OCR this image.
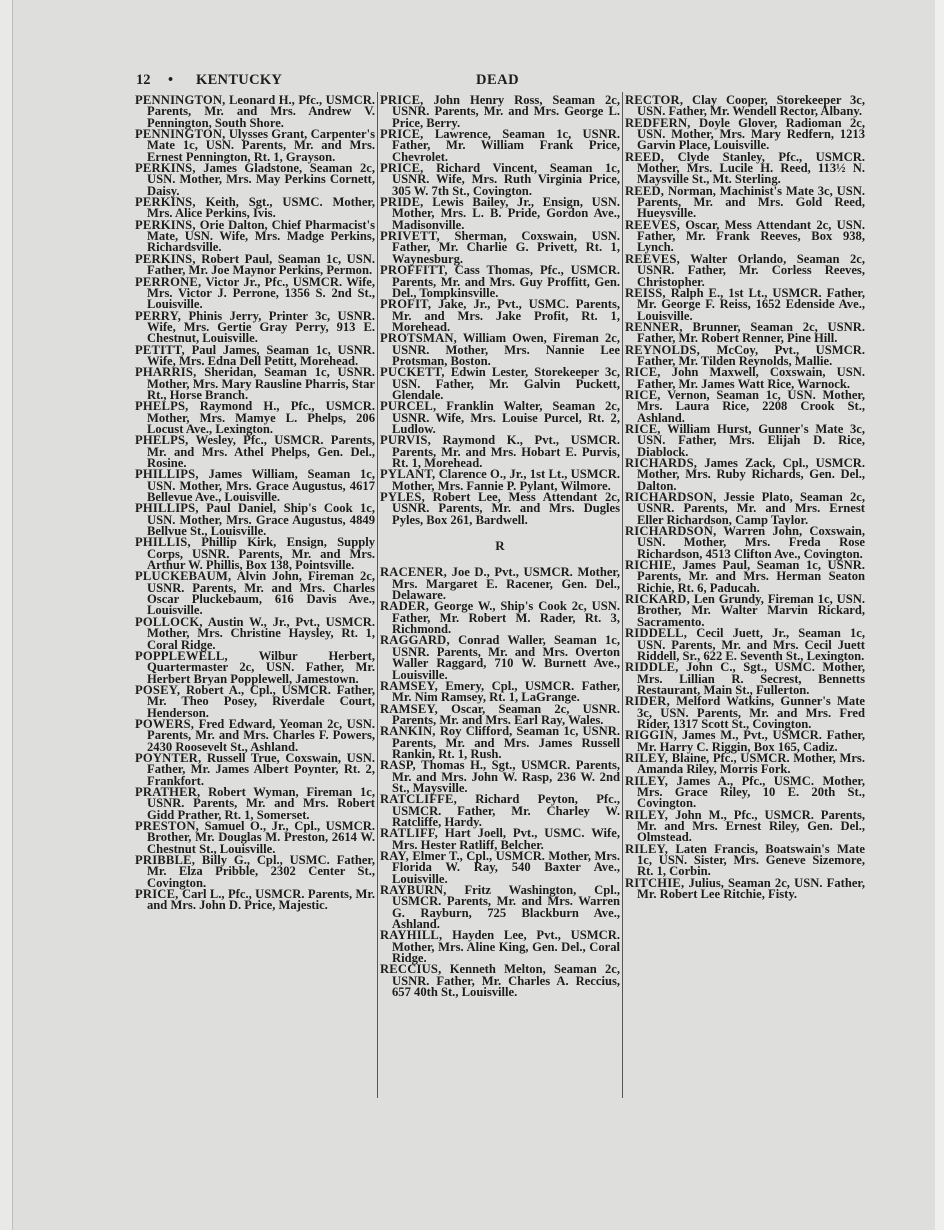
12 • KENTUCKY	DEAD

PENNINGTON, Leonard H., Pfc., USMCR. Parents, Mr. and Mrs. Andrew V. Pennington, South Shore.

PENNINGTON, Ulysses Grant, Carpenter's Mate 1c, USN. Parents, Mr. and Mrs. Ernest Pennington, Rt. 1, Grayson.

PERKINS, James Gladstone, Seaman 2c, USN. Mother, Mrs. May Perkins Cornett, Daisy.

PERKINS, Keith, Sgt., USMC. Mother, Mrs. Alice Perkins, Ivis.

PERKINS, Orie Dalton, Chief Pharmacist's Mate, USN. Wife, Mrs. Madge Perkins, Richardsville.

PERKINS, Robert Paul, Seaman 1c, USN. Father, Mr. Joe Maynor Perkins, Permon.

PERRONE, Victor Jr., Pfc., USMCR. Wife, Mrs. Victor J. Perrone, 1356 S. 2nd St., Louisville.

PERRY, Phinis Jerry, Printer 3c, USNR. Wife, Mrs. Gertie Gray Perry, 913 E. Chestnut, Louisville.

PETITT, Paul James, Seaman 1c, USNR. Wife, Mrs. Edna Dell Petitt, Morehead.

PHARRIS, Sheridan, Seaman 1c, USNR. Mother, Mrs. Mary Rausline Pharris, Star Rt., Horse Branch.

PHELPS, Raymond H., Pfc., USMCR. Mother, Mrs. Mamye L. Phelps, 206 Locust Ave., Lexington.

PHELPS, Wesley, Pfc., USMCR. Parents, Mr. and Mrs. Athel Phelps, Gen. Del., Rosine.

PHILLIPS, James William, Seaman 1c, USN. Mother, Mrs. Grace Augustus, 4617 Bellevue Ave., Louisville.

PHILLIPS, Paul Daniel, Ship's Cook 1c, USN. Mother, Mrs. Grace Augustus, 4849 Bellvue St., Louisville.

PHILLIS, Phillip Kirk, Ensign, Supply Corps, USNR. Parents, Mr. and Mrs. Arthur W. Phillis, Box 138, Pointsville.

PLUCKEBAUM, Alvin John, Fireman 2c, USNR. Parents, Mr. and Mrs. Charles Oscar Pluckebaum, 616 Davis Ave., Louisville.

POLLOCK, Austin W., Jr., Pvt., USMCR. Mother, Mrs. Christine Haysley, Rt. 1, Coral Ridge.

POPPLEWELL, Wilbur Herbert, Quartermaster 2c, USN. Father, Mr. Herbert Bryan Popplewell, Jamestown.

POSEY, Robert A., Cpl., USMCR. Father, Mr. Theo Posey, Riverdale Court, Henderson.

POWERS, Fred Edward, Yeoman 2c, USN. Parents, Mr. and Mrs. Charles F. Powers, 2430 Roosevelt St., Ashland.

POYNTER, Russell True, Coxswain, USN. Father, Mr. James Albert Poynter, Rt. 2, Frankfort.

PRATHER, Robert Wyman, Fireman 1c, USNR. Parents, Mr. and Mrs. Robert Gidd Prather, Rt. 1, Somerset.

PRESTON, Samuel O., Jr., Cpl., USMCR. Brother, Mr. Douglas M. Preston, 2614 W. Chestnut St., Louisville.

PRIBBLE, Billy G., Cpl., USMC. Father, Mr. Elza Pribble, 2302 Center St., Covington.

PRICE, Carl L., Pfc., USMCR. Parents, Mr. and Mrs. John D. Price, Majestic.

PRICE, John Henry Ross, Seaman 2c, USNR. Parents, Mr. and Mrs. George L. Price, Berry.

PRICE, Lawrence, Seaman 1c, USNR. Father, Mr. William Frank Price, Chevrolet.

PRICE, Richard Vincent, Seaman 1c, USNR. Wife, Mrs. Ruth Virginia Price, 305 W. 7th St., Covington.

PRIDE, Lewis Bailey, Jr., Ensign, USN. Mother, Mrs. L. B. Pride, Gordon Ave., Madisonville.

PRIVETT, Sherman, Coxswain, USN. Father, Mr. Charlie G. Privett, Rt. 1, Waynesburg.

PROFFITT, Cass Thomas, Pfc., USMCR. Parents, Mr. and Mrs. Guy Proffitt, Gen. Del., Tompkinsville.

PROFIT, Jake, Jr., Pvt., USMC. Parents, Mr. and Mrs. Jake Profit, Rt. 1, Morehead.

PROTSMAN, William Owen, Fireman 2c, USNR. Mother, Mrs. Nannie Lee Protsman, Boston.

PUCKETT, Edwin Lester, Storekeeper 3c, USN. Father, Mr. Galvin Puckett, Glendale.

PURCEL, Franklin Walter, Seaman 2c, USNR. Wife, Mrs. Louise Purcel, Rt. 2, Ludlow.

PURVIS, Raymond K., Pvt., USMCR. Parents, Mr. and Mrs. Hobart E. Purvis, Rt. 1, Morehead.

PYLANT, Clarence O., Jr., 1st Lt., USMCR. Mother, Mrs. Fannie P. Pylant, Wilmore.

PYLES, Robert Lee, Mess Attendant 2c, USNR. Parents, Mr. and Mrs. Dugles Pyles, Box 261, Bardwell.

R

RACENER, Joe D., Pvt., USMCR. Mother, Mrs. Margaret E. Racener, Gen. Del., Delaware.

RADER, George W., Ship's Cook 2c, USN. Father, Mr. Robert M. Rader, Rt. 3, Richmond.

RAGGARD, Conrad Waller, Seaman 1c, USNR. Parents, Mr. and Mrs. Overton Waller Raggard, 710 W. Burnett Ave., Louisville.

RAMSEY, Emery, Cpl., USMCR. Father, Mr. Nim Ramsey, Rt. 1, LaGrange.

RAMSEY, Oscar, Seaman 2c, USNR. Parents, Mr. and Mrs. Earl Ray, Wales.

RANKIN, Roy Clifford, Seaman 1c, USNR. Parents, Mr. and Mrs. James Russell Rankin, Rt. 1, Rush.

RASP, Thomas H., Sgt., USMCR. Parents, Mr. and Mrs. John W. Rasp, 236 W. 2nd St., Maysville.

RATCLIFFE, Richard Peyton, Pfc., USMCR. Father, Mr. Charley W. Ratcliffe, Hardy.

RATLIFF, Hart Joell, Pvt., USMC. Wife, Mrs. Hester Ratliff, Belcher.

RAY, Elmer T., Cpl., USMCR. Mother, Mrs. Florida W. Ray, 540 Baxter Ave., Louisville.

RAYBURN, Fritz Washington, Cpl., USMCR. Parents, Mr. and Mrs. Warren G. Rayburn, 725 Blackburn Ave., Ashland.

RAYHILL, Hayden Lee, Pvt., USMCR. Mother, Mrs. Aline King, Gen. Del., Coral Ridge.

RECCIUS, Kenneth Melton, Seaman 2c, USNR. Father, Mr. Charles A. Reccius, 657 40th St., Louisville.

RECTOR, Clay Cooper, Storekeeper 3c, USN. Father, Mr. Wendell Rector, Albany.

REDFERN, Doyle Glover, Radioman 2c, USN. Mother, Mrs. Mary Redfern, 1213 Garvin Place, Louisville.

REED, Clyde Stanley, Pfc., USMCR. Mother, Mrs. Lucile H. Reed, 113½ N. Maysville St., Mt. Sterling.

REED, Norman, Machinist's Mate 3c, USN. Parents, Mr. and Mrs. Gold Reed, Hueysville.

REEVES, Oscar, Mess Attendant 2c, USN. Father, Mr. Frank Reeves, Box 938, Lynch.

REEVES, Walter Orlando, Seaman 2c, USNR. Father, Mr. Corless Reeves, Christopher.

REISS, Ralph E., 1st Lt., USMCR. Father, Mr. George F. Reiss, 1652 Edenside Ave., Louisville.

RENNER, Brunner, Seaman 2c, USNR. Father, Mr. Robert Renner, Pine Hill.

REYNOLDS, McCoy, Pvt., USMCR. Father, Mr. Tilden Reynolds, Mallie.

RICE, John Maxwell, Coxswain, USN. Father, Mr. James Watt Rice, Warnock.

RICE, Vernon, Seaman 1c, USN. Mother, Mrs. Laura Rice, 2208 Crook St., Ashland.

RICE, William Hurst, Gunner's Mate 3c, USN. Father, Mrs. Elijah D. Rice, Diablock.

RICHARDS, James Zack, Cpl., USMCR. Mother, Mrs. Ruby Richards, Gen. Del., Dalton.

RICHARDSON, Jessie Plato, Seaman 2c, USNR. Parents, Mr. and Mrs. Ernest Eller Richardson, Camp Taylor.

RICHARDSON, Warren John, Coxswain, USN. Mother, Mrs. Freda Rose Richardson, 4513 Clifton Ave., Covington.

RICHIE, James Paul, Seaman 1c, USNR. Parents, Mr. and Mrs. Herman Seaton Richie, Rt. 6, Paducah.

RICKARD, Len Grundy, Fireman 1c, USN. Brother, Mr. Walter Marvin Rickard, Sacramento.

RIDDELL, Cecil Juett, Jr., Seaman 1c, USN. Parents, Mr. and Mrs. Cecil Juett Riddell, Sr., 622 E. Seventh St., Lexington.

RIDDLE, John C., Sgt., USMC. Mother, Mrs. Lillian R. Secrest, Bennetts Restaurant, Main St., Fullerton.

RIDER, Melford Watkins, Gunner's Mate 3c, USN. Parents, Mr. and Mrs. Fred Rider, 1317 Scott St., Covington.

RIGGIN, James M., Pvt., USMCR. Father, Mr. Harry C. Riggin, Box 165, Cadiz.

RILEY, Blaine, Pfc., USMCR. Mother, Mrs. Amanda Riley, Morris Fork.

RILEY, James A., Pfc., USMC. Mother, Mrs. Grace Riley, 10 E. 20th St., Covington.

RILEY, John M., Pfc., USMCR. Parents, Mr. and Mrs. Ernest Riley, Gen. Del., Olmstead.

RILEY, Laten Francis, Boatswain's Mate 1c, USN. Sister, Mrs. Geneve Sizemore, Rt. 1, Corbin.

RITCHIE, Julius, Seaman 2c, USN. Father, Mr. Robert Lee Ritchie, Fisty.
